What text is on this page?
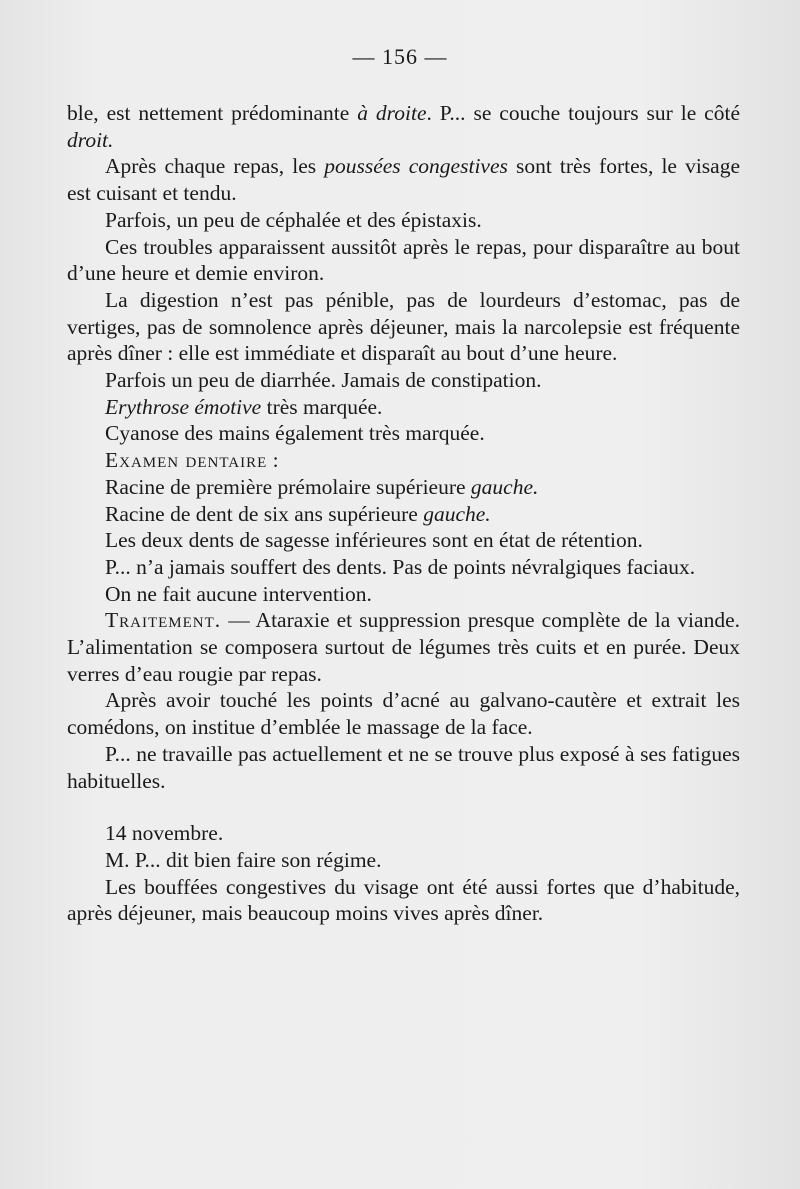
— 156 —

ble, est nettement prédominante à droite. P... se couche toujours sur le côté droit.

Après chaque repas, les poussées congestives sont très fortes, le visage est cuisant et tendu.

Parfois, un peu de céphalée et des épistaxis.

Ces troubles apparaissent aussitôt après le repas, pour disparaître au bout d’une heure et demie environ.

La digestion n’est pas pénible, pas de lourdeurs d’estomac, pas de vertiges, pas de somnolence après déjeuner, mais la narcolepsie est fréquente après dîner : elle est immédiate et disparaît au bout d’une heure.

Parfois un peu de diarrhée. Jamais de constipation.

Erythrose émotive très marquée.

Cyanose des mains également très marquée.

Examen dentaire :

Racine de première prémolaire supérieure gauche.

Racine de dent de six ans supérieure gauche.

Les deux dents de sagesse inférieures sont en état de rétention.

P... n’a jamais souffert des dents. Pas de points névralgiques faciaux.

On ne fait aucune intervention.

Traitement. — Ataraxie et suppression presque complète de la viande. L’alimentation se composera surtout de légumes très cuits et en purée. Deux verres d’eau rougie par repas.

Après avoir touché les points d’acné au galvano-cautère et extrait les comédons, on institue d’emblée le massage de la face.

P... ne travaille pas actuellement et ne se trouve plus exposé à ses fatigues habituelles.

14 novembre.

M. P... dit bien faire son régime.

Les bouffées congestives du visage ont été aussi fortes que d’habitude, après déjeuner, mais beaucoup moins vives après dîner.
